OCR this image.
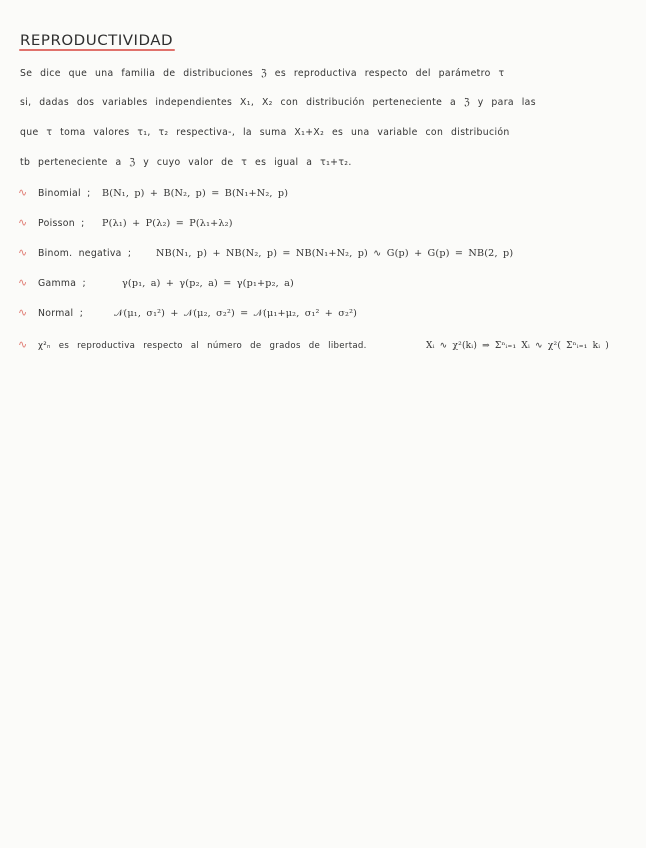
REPRODUCTIVIDAD
Se dice que una familia de distribuciones ℨ es reproductiva respecto del parámetro τ
si, dadas dos variables independientes X₁, X₂ con distribución perteneciente a ℨ y para las
que τ toma valores τ₁, τ₂ respectiva-, la suma X₁+X₂ es una variable con distribución
tb perteneciente a ℨ y cuyo valor de τ es igual a τ₁+τ₂.
∿ Binomial ; B(N₁, p) + B(N₂, p) = B(N₁+N₂, p)
∿ Poisson ; P(λ₁) + P(λ₂) = P(λ₁+λ₂)
∿ Binom. negativa ;	NB(N₁, p) + NB(N₂, p) = NB(N₁+N₂, p) ∿ G(p) + G(p) = NB(2, p)
∿ Gamma ;	γ(p₁, a) + γ(p₂, a) = γ(p₁+p₂, a)
∿ Normal ;	𝒩(μ₁, σ₁²) + 𝒩(μ₂, σ₂²) = 𝒩(μ₁+μ₂, σ₁² + σ₂²)
∿ χ²ₙ es reproductiva respecto al número de grados de libertad.	Xᵢ ∿ χ²(kᵢ) ⇒ Σⁿᵢ₌₁ Xᵢ ∿ χ²( Σⁿᵢ₌₁ kᵢ )
